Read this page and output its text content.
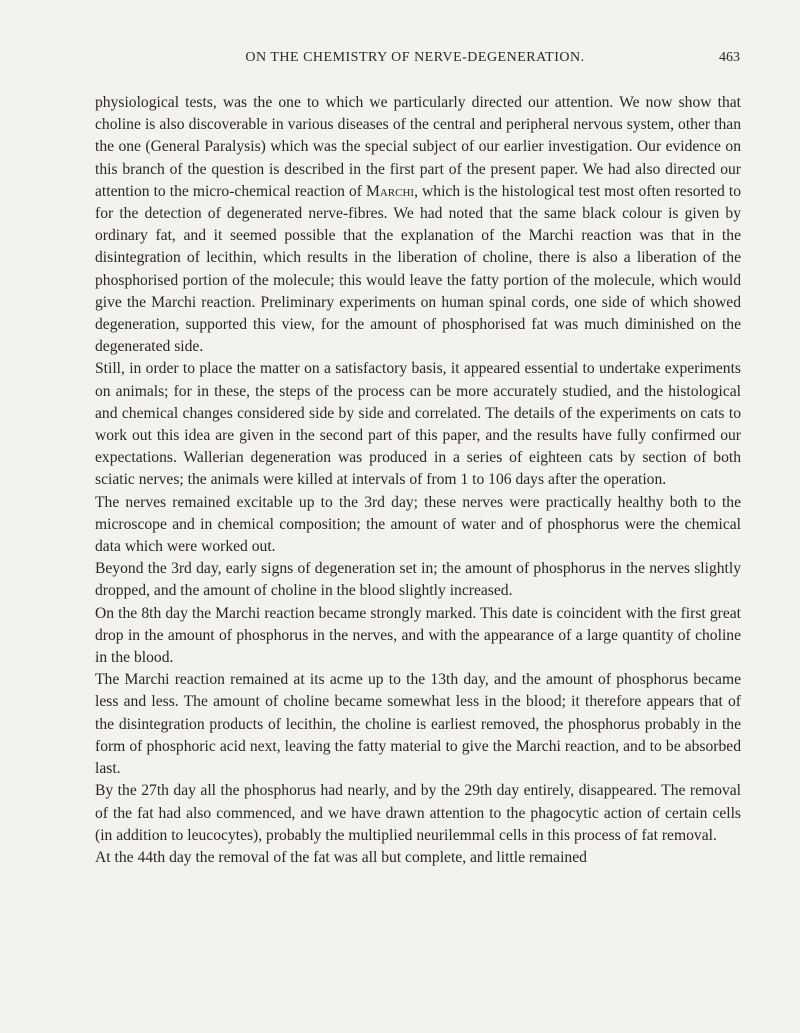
ON THE CHEMISTRY OF NERVE-DEGENERATION.	463

physiological tests, was the one to which we particularly directed our attention. We now show that choline is also discoverable in various diseases of the central and peripheral nervous system, other than the one (General Paralysis) which was the special subject of our earlier investigation. Our evidence on this branch of the question is described in the first part of the present paper. We had also directed our attention to the micro-chemical reaction of Marchi, which is the histological test most often resorted to for the detection of degenerated nerve-fibres. We had noted that the same black colour is given by ordinary fat, and it seemed possible that the explanation of the Marchi reaction was that in the disintegration of lecithin, which results in the liberation of choline, there is also a liberation of the phosphorised portion of the molecule; this would leave the fatty portion of the molecule, which would give the Marchi reaction. Preliminary experiments on human spinal cords, one side of which showed degeneration, supported this view, for the amount of phosphorised fat was much diminished on the degenerated side.

Still, in order to place the matter on a satisfactory basis, it appeared essential to undertake experiments on animals; for in these, the steps of the process can be more accurately studied, and the histological and chemical changes considered side by side and correlated. The details of the experiments on cats to work out this idea are given in the second part of this paper, and the results have fully confirmed our expectations. Wallerian degeneration was produced in a series of eighteen cats by section of both sciatic nerves; the animals were killed at intervals of from 1 to 106 days after the operation.

The nerves remained excitable up to the 3rd day; these nerves were practically healthy both to the microscope and in chemical composition; the amount of water and of phosphorus were the chemical data which were worked out.

Beyond the 3rd day, early signs of degeneration set in; the amount of phosphorus in the nerves slightly dropped, and the amount of choline in the blood slightly increased.

On the 8th day the Marchi reaction became strongly marked. This date is coincident with the first great drop in the amount of phosphorus in the nerves, and with the appearance of a large quantity of choline in the blood.

The Marchi reaction remained at its acme up to the 13th day, and the amount of phosphorus became less and less. The amount of choline became somewhat less in the blood; it therefore appears that of the disintegration products of lecithin, the choline is earliest removed, the phosphorus probably in the form of phosphoric acid next, leaving the fatty material to give the Marchi reaction, and to be absorbed last.

By the 27th day all the phosphorus had nearly, and by the 29th day entirely, disappeared. The removal of the fat had also commenced, and we have drawn attention to the phagocytic action of certain cells (in addition to leucocytes), probably the multiplied neurilemmal cells in this process of fat removal.

At the 44th day the removal of the fat was all but complete, and little remained
